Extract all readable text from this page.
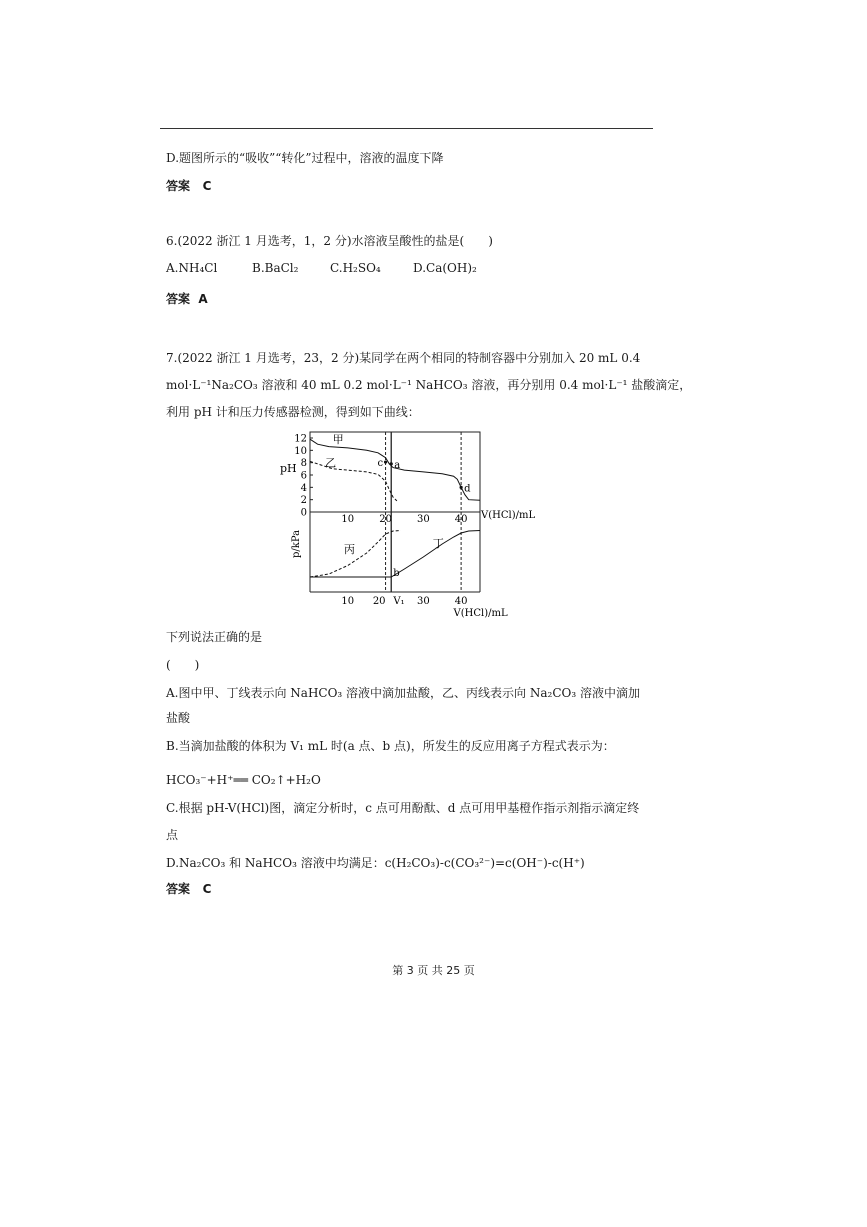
D.题图所示的“吸收”“转化”过程中，溶液的温度下降
答案 C
6.(2022 浙江 1 月选考，1，2 分)水溶液呈酸性的盐是(　　)
A.NH₄Cl	B.BaCl₂	C.H₂SO₄	D.Ca(OH)₂
答案 A
7.(2022 浙江 1 月选考，23，2 分)某同学在两个相同的特制容器中分别加入 20 mL 0.4
mol·L⁻¹Na₂CO₃ 溶液和 40 mL 0.2 mol·L⁻¹ NaHCO₃ 溶液，再分别用 0.4 mol·L⁻¹ 盐酸滴定，
利用 pH 计和压力传感器检测，得到如下曲线：
pH
12
10
8
6
4
2
0
10	20	30	40 V(HCl)/mL
甲
乙	c a
d
p/kPa
10 20 V₁ 30	40
V(HCl)/mL
丙	丁
b
下列说法正确的是
(　　)
A.图中甲、丁线表示向 NaHCO₃ 溶液中滴加盐酸，乙、丙线表示向 Na₂CO₃ 溶液中滴加
盐酸
B.当滴加盐酸的体积为 V₁ mL 时(a 点、b 点)，所发生的反应用离子方程式表示为：
HCO₃⁻+H⁺══ CO₂↑+H₂O
C.根据 pH-V(HCl)图，滴定分析时，c 点可用酚酞、d 点可用甲基橙作指示剂指示滴定终
点
D.Na₂CO₃ 和 NaHCO₃ 溶液中均满足：c(H₂CO₃)-c(CO₃²⁻)=c(OH⁻)-c(H⁺)
答案 C
第 3 页 共 25 页
